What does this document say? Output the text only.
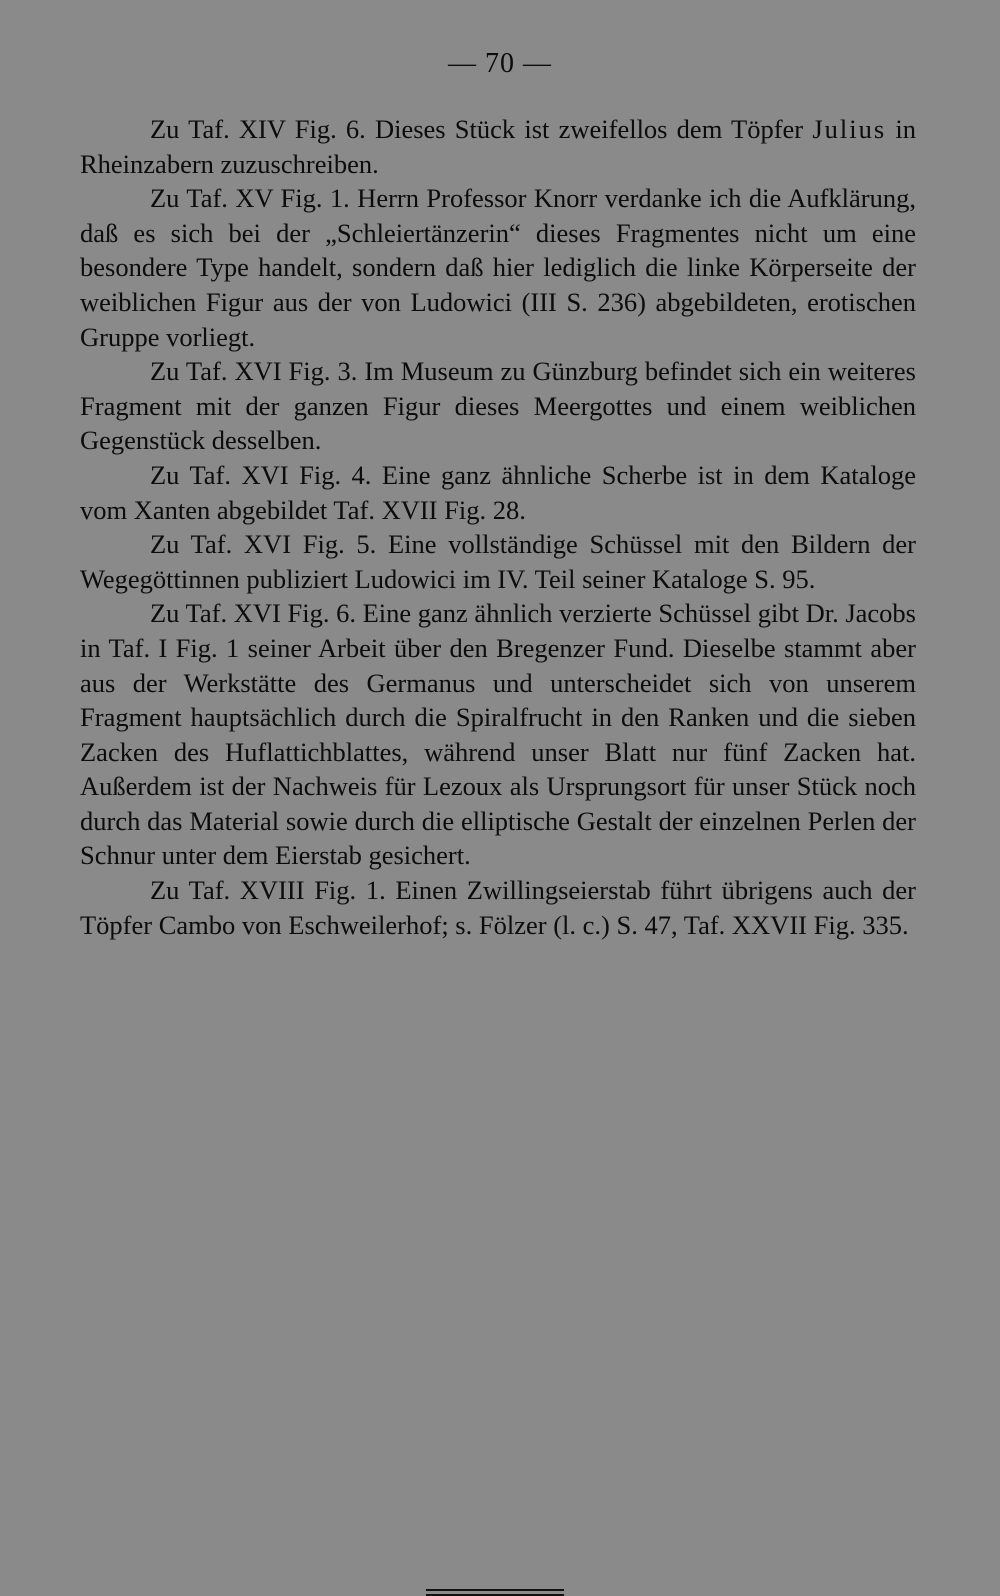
— 70 —

Zu Taf. XIV Fig. 6. Dieses Stück ist zweifellos dem Töpfer Julius in Rheinzabern zuzuschreiben.

Zu Taf. XV Fig. 1. Herrn Professor Knorr verdanke ich die Aufklärung, daß es sich bei der „Schleiertänzerin“ dieses Fragmentes nicht um eine besondere Type handelt, sondern daß hier lediglich die linke Körperseite der weiblichen Figur aus der von Ludowici (III S. 236) abgebildeten, erotischen Gruppe vorliegt.

Zu Taf. XVI Fig. 3. Im Museum zu Günzburg befindet sich ein weiteres Fragment mit der ganzen Figur dieses Meergottes und einem weiblichen Gegenstück desselben.

Zu Taf. XVI Fig. 4. Eine ganz ähnliche Scherbe ist in dem Kataloge vom Xanten abgebildet Taf. XVII Fig. 28.

Zu Taf. XVI Fig. 5. Eine vollständige Schüssel mit den Bildern der Wegegöttinnen publiziert Ludowici im IV. Teil seiner Kataloge S. 95.

Zu Taf. XVI Fig. 6. Eine ganz ähnlich verzierte Schüssel gibt Dr. Jacobs in Taf. I Fig. 1 seiner Arbeit über den Bregenzer Fund. Dieselbe stammt aber aus der Werkstätte des Germanus und unterscheidet sich von unserem Fragment hauptsächlich durch die Spiralfrucht in den Ranken und die sieben Zacken des Huflattichblattes, während unser Blatt nur fünf Zacken hat. Außerdem ist der Nachweis für Lezoux als Ursprungsort für unser Stück noch durch das Material sowie durch die elliptische Gestalt der einzelnen Perlen der Schnur unter dem Eierstab gesichert.

Zu Taf. XVIII Fig. 1. Einen Zwillingseierstab führt übrigens auch der Töpfer Cambo von Eschweilerhof; s. Fölzer (l. c.) S. 47, Taf. XXVII Fig. 335.
